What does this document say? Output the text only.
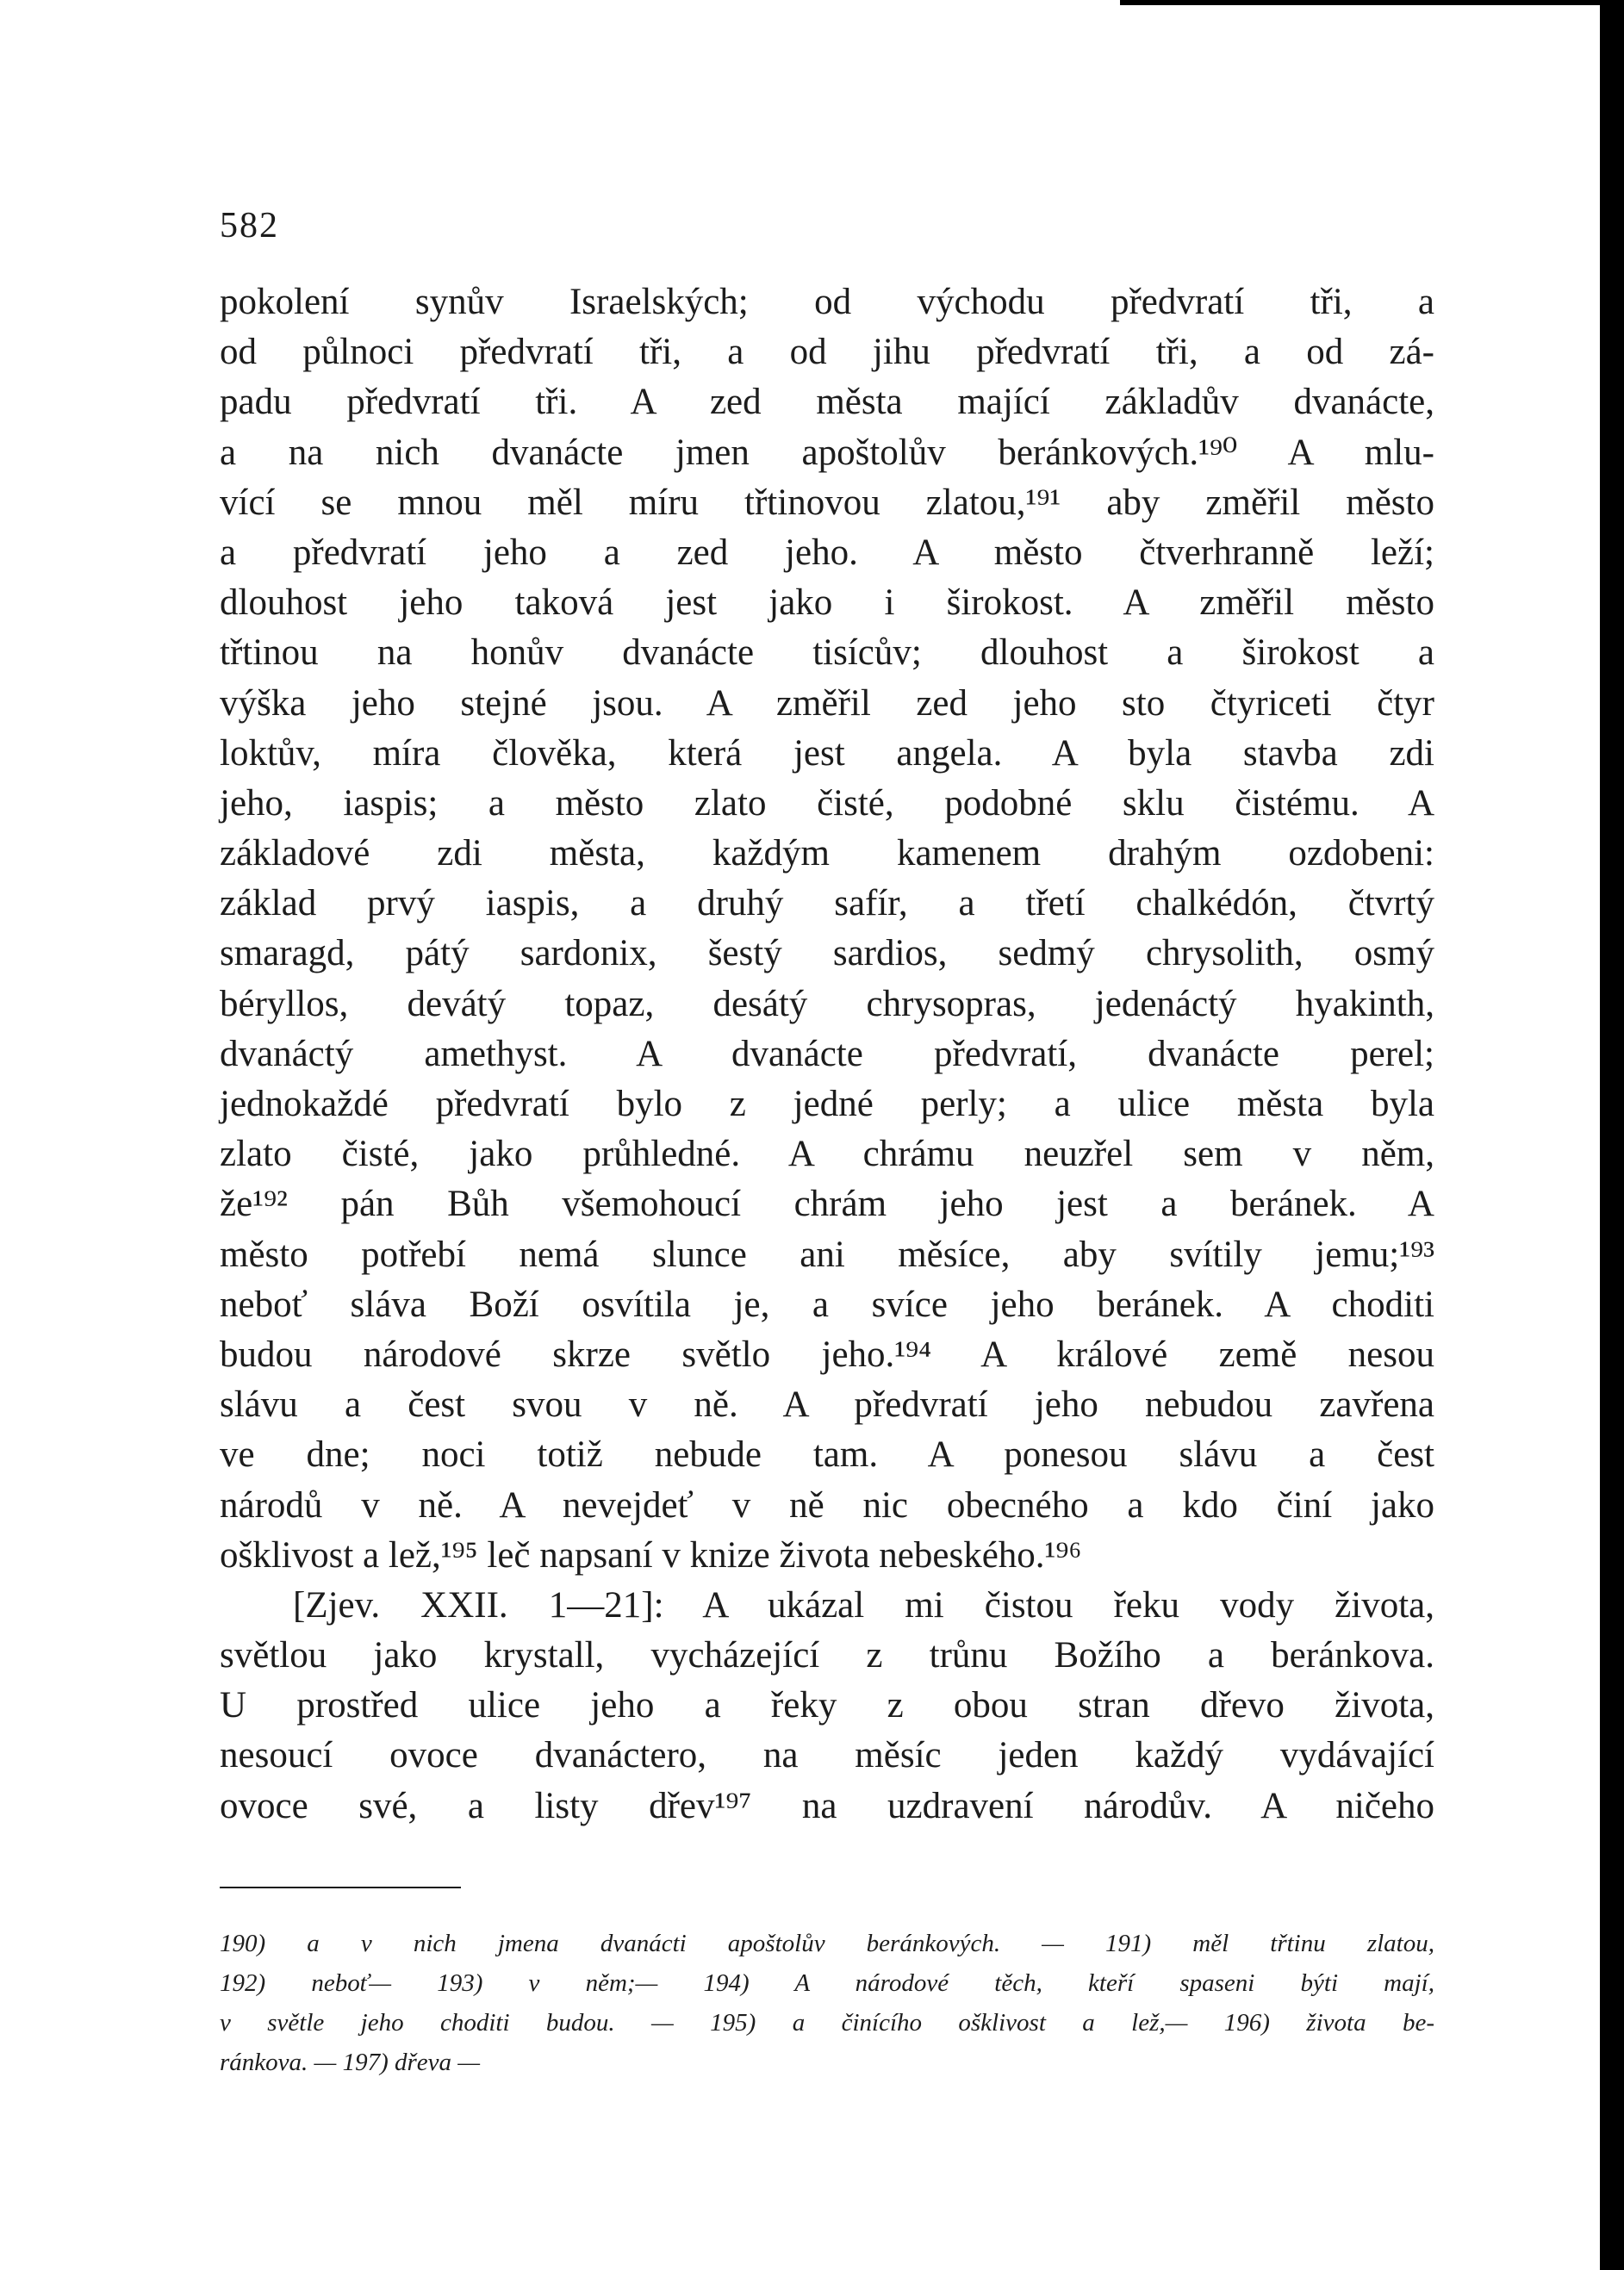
582
pokolení synův Israelských; od východu předvratí tři, a
od půlnoci předvratí tři, a od jihu předvratí tři, a od zá-
padu předvratí tři. A zed města mající základův dvanácte,
a na nich dvanácte jmen apoštolův beránkových.¹⁹⁰ A mlu-
vící se mnou měl míru třtinovou zlatou,¹⁹¹ aby změřil město
a předvratí jeho a zed jeho. A město čtverhranně leží;
dlouhost jeho taková jest jako i širokost. A změřil město
třtinou na honův dvanácte tisícův; dlouhost a širokost a
výška jeho stejné jsou. A změřil zed jeho sto čtyriceti čtyr
loktův, míra člověka, která jest angela. A byla stavba zdi
jeho, iaspis; a město zlato čisté, podobné sklu čistému. A
základové zdi města, každým kamenem drahým ozdobeni:
základ prvý iaspis, a druhý safír, a třetí chalkédón, čtvrtý
smaragd, pátý sardonix, šestý sardios, sedmý chrysolith, osmý
béryllos, devátý topaz, desátý chrysopras, jedenáctý hyakinth,
dvanáctý amethyst. A dvanácte předvratí, dvanácte perel;
jednokaždé předvratí bylo z jedné perly; a ulice města byla
zlato čisté, jako průhledné. A chrámu neuzřel sem v něm,
že¹⁹² pán Bůh všemohoucí chrám jeho jest a beránek. A
město potřebí nemá slunce ani měsíce, aby svítily jemu;¹⁹³
neboť sláva Boží osvítila je, a svíce jeho beránek. A choditi
budou národové skrze světlo jeho.¹⁹⁴ A králové země nesou
slávu a čest svou v ně. A předvratí jeho nebudou zavřena
ve dne; noci totiž nebude tam. A ponesou slávu a čest
národů v ně. A nevejdeť v ně nic obecného a kdo činí jako
ošklivost a lež,¹⁹⁵ leč napsaní v knize života nebeského.¹⁹⁶
[Zjev. XXII. 1—21]: A ukázal mi čistou řeku vody života,
světlou jako krystall, vycházející z trůnu Božího a beránkova.
U prostřed ulice jeho a řeky z obou stran dřevo života,
nesoucí ovoce dvanáctero, na měsíc jeden každý vydávající
ovoce své, a listy dřev¹⁹⁷ na uzdravení národův. A ničeho
190) a v nich jmena dvanácti apoštolův beránkových. — 191) měl třtinu zlatou,
192) neboť— 193) v něm;— 194) A národové těch, kteří spaseni býti mají,
v světle jeho choditi budou. — 195) a činícího ošklivost a lež,— 196) života be-
ránkova. — 197) dřeva —
